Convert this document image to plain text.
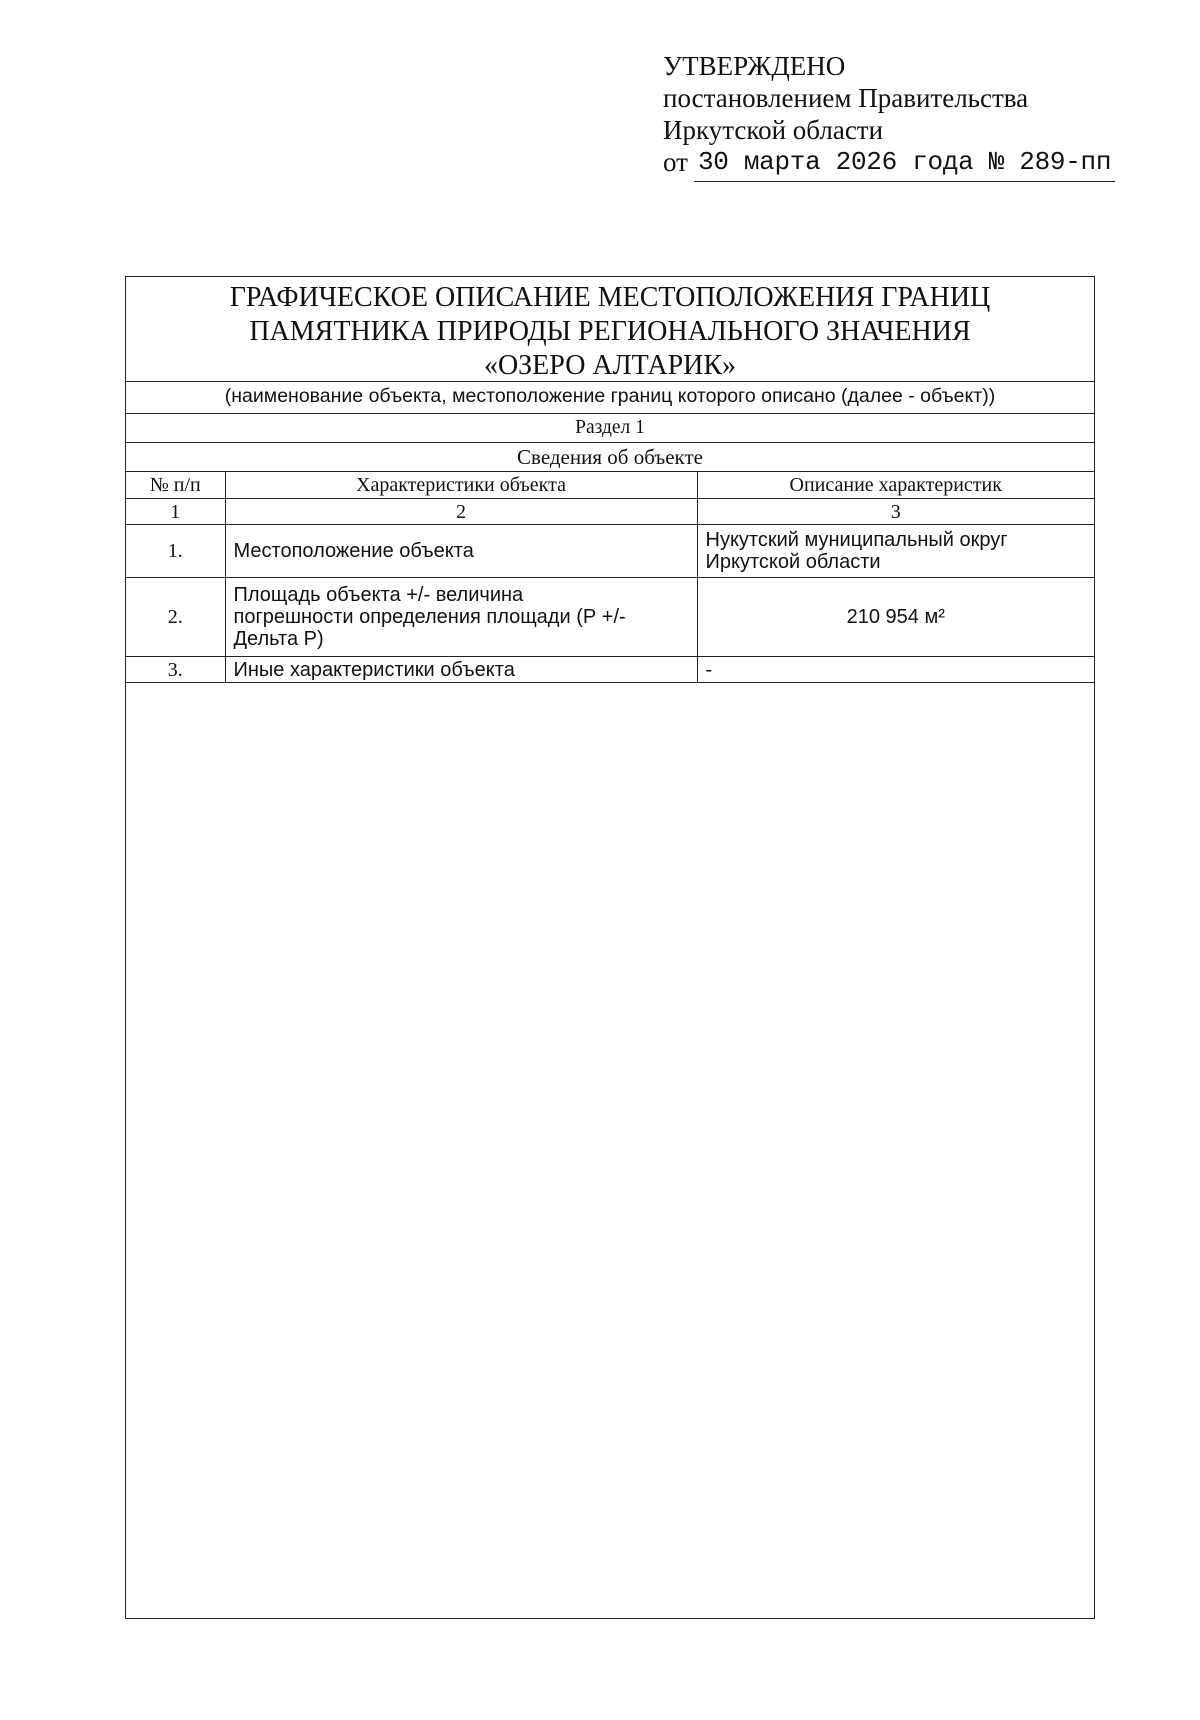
УТВЕРЖДЕНО
постановлением Правительства
Иркутской области
от 30 марта 2026 года № 289-пп
ГРАФИЧЕСКОЕ ОПИСАНИЕ МЕСТОПОЛОЖЕНИЯ ГРАНИЦ
ПАМЯТНИКА ПРИРОДЫ РЕГИОНАЛЬНОГО ЗНАЧЕНИЯ
«ОЗЕРО АЛТАРИК»
(наименование объекта, местоположение границ которого описано (далее - объект))
Раздел 1
Сведения об объекте
№ п/п	Характеристики объекта	Описание характеристик
1	2	3
1.	Местоположение объекта	Нукутский муниципальный округ
Иркутской области

2.	Площадь объекта +/- величина
погрешности определения площади (Р +/-
Дельта Р)	210 954 м²
3.	Иные характеристики объекта	-
